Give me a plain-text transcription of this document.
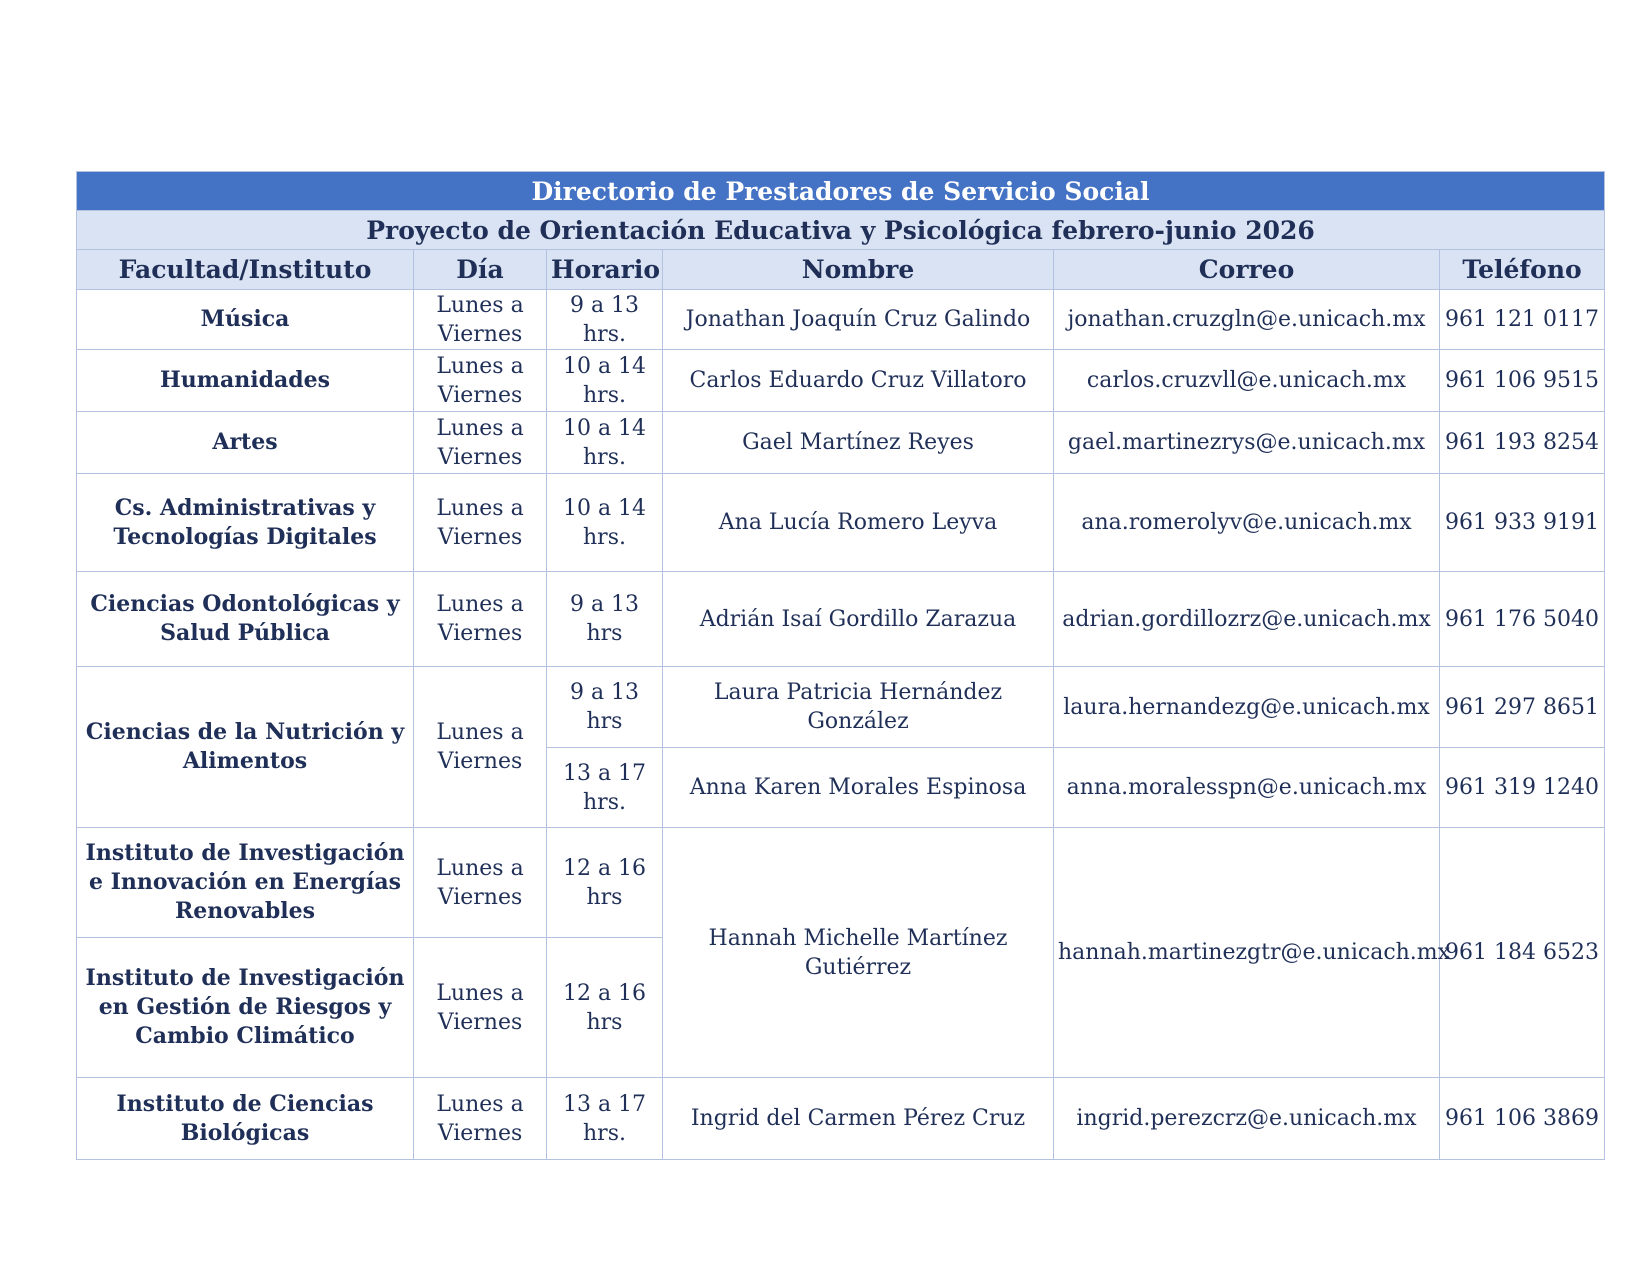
Directorio de Prestadores de Servicio Social					
Proyecto de Orientación Educativa y Psicológica febrero-junio 2026					
Facultad/Instituto	Día	Horario	Nombre	Correo	Teléfono
Música	Lunes a Viernes	9 a 13 hrs.	Jonathan Joaquín Cruz Galindo	jonathan.cruzgln@e.unicach.mx	961 121 0117
Humanidades	Lunes a Viernes	10 a 14 hrs.	Carlos Eduardo Cruz Villatoro	carlos.cruzvll@e.unicach.mx	961 106 9515
Artes	Lunes a Viernes	10 a 14 hrs.	Gael Martínez Reyes	gael.martinezrys@e.unicach.mx	961 193 8254
Cs. Administrativas y Tecnologías Digitales	Lunes a Viernes	10 a 14 hrs.	Ana Lucía Romero Leyva	ana.romerolyv@e.unicach.mx	961 933 9191
Ciencias Odontológicas y Salud Pública	Lunes a Viernes	9 a 13 hrs	Adrián Isaí Gordillo Zarazua	adrian.gordillozrz@e.unicach.mx	961 176 5040
Ciencias de la Nutrición y Alimentos	Lunes a Viernes	9 a 13 hrs	Laura Patricia Hernández González	laura.hernandezg@e.unicach.mx	961 297 8651
		13 a 17 hrs.	Anna Karen Morales Espinosa	anna.moralesspn@e.unicach.mx	961 319 1240
Instituto de Investigación e Innovación en Energías Renovables	Lunes a Viernes	12 a 16 hrs	Hannah Michelle Martínez Gutiérrez	hannah.martinezgtr@e.unicach.mx	961 184 6523
Instituto de Investigación en Gestión de Riesgos y Cambio Climático	Lunes a Viernes	12 a 16 hrs			
Instituto de Ciencias Biológicas	Lunes a Viernes	13 a 17 hrs.	Ingrid del Carmen Pérez Cruz	ingrid.perezcrz@e.unicach.mx	961 106 3869
